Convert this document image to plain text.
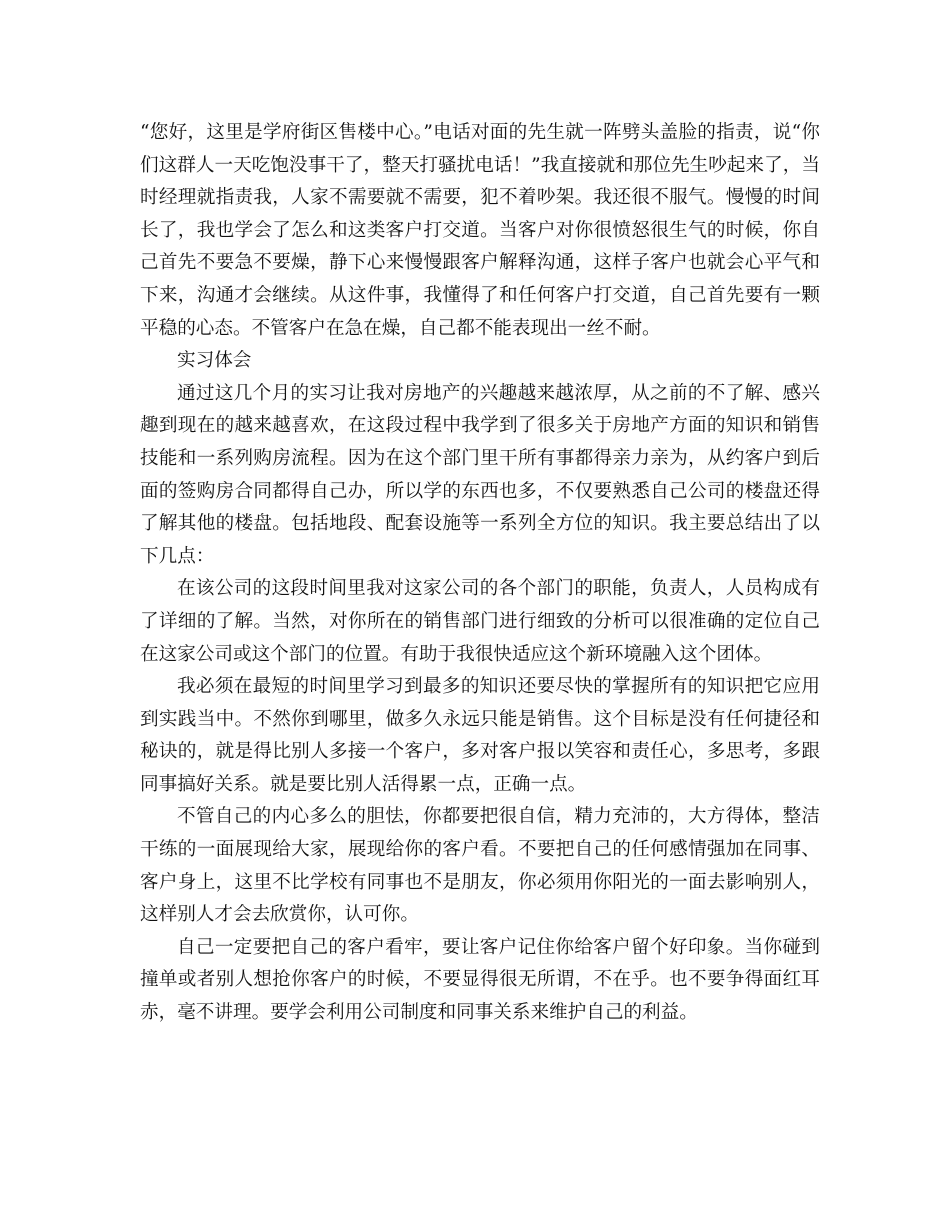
“您好，这里是学府街区售楼中心。”电话对面的先生就一阵劈头盖脸的指责，说“你们这群人一天吃饱没事干了，整天打骚扰电话！”我直接就和那位先生吵起来了，当时经理就指责我，人家不需要就不需要，犯不着吵架。我还很不服气。慢慢的时间长了，我也学会了怎么和这类客户打交道。当客户对你很愤怒很生气的时候，你自己首先不要急不要燥，静下心来慢慢跟客户解释沟通，这样子客户也就会心平气和下来，沟通才会继续。从这件事，我懂得了和任何客户打交道，自己首先要有一颗平稳的心态。不管客户在急在燥，自己都不能表现出一丝不耐。

实习体会

通过这几个月的实习让我对房地产的兴趣越来越浓厚，从之前的不了解、感兴趣到现在的越来越喜欢，在这段过程中我学到了很多关于房地产方面的知识和销售技能和一系列购房流程。因为在这个部门里干所有事都得亲力亲为，从约客户到后面的签购房合同都得自己办，所以学的东西也多，不仅要熟悉自己公司的楼盘还得了解其他的楼盘。包括地段、配套设施等一系列全方位的知识。我主要总结出了以下几点：

在该公司的这段时间里我对这家公司的各个部门的职能，负责人，人员构成有了详细的了解。当然，对你所在的销售部门进行细致的分析可以很准确的定位自己在这家公司或这个部门的位置。有助于我很快适应这个新环境融入这个团体。

我必须在最短的时间里学习到最多的知识还要尽快的掌握所有的知识把它应用到实践当中。不然你到哪里，做多久永远只能是销售。这个目标是没有任何捷径和秘诀的，就是得比别人多接一个客户，多对客户报以笑容和责任心，多思考，多跟同事搞好关系。就是要比别人活得累一点，正确一点。

不管自己的内心多么的胆怯，你都要把很自信，精力充沛的，大方得体，整洁干练的一面展现给大家，展现给你的客户看。不要把自己的任何感情强加在同事、客户身上，这里不比学校有同事也不是朋友，你必须用你阳光的一面去影响别人，这样别人才会去欣赏你，认可你。

自己一定要把自己的客户看牢，要让客户记住你给客户留个好印象。当你碰到撞单或者别人想抢你客户的时候，不要显得很无所谓，不在乎。也不要争得面红耳赤，毫不讲理。要学会利用公司制度和同事关系来维护自己的利益。
